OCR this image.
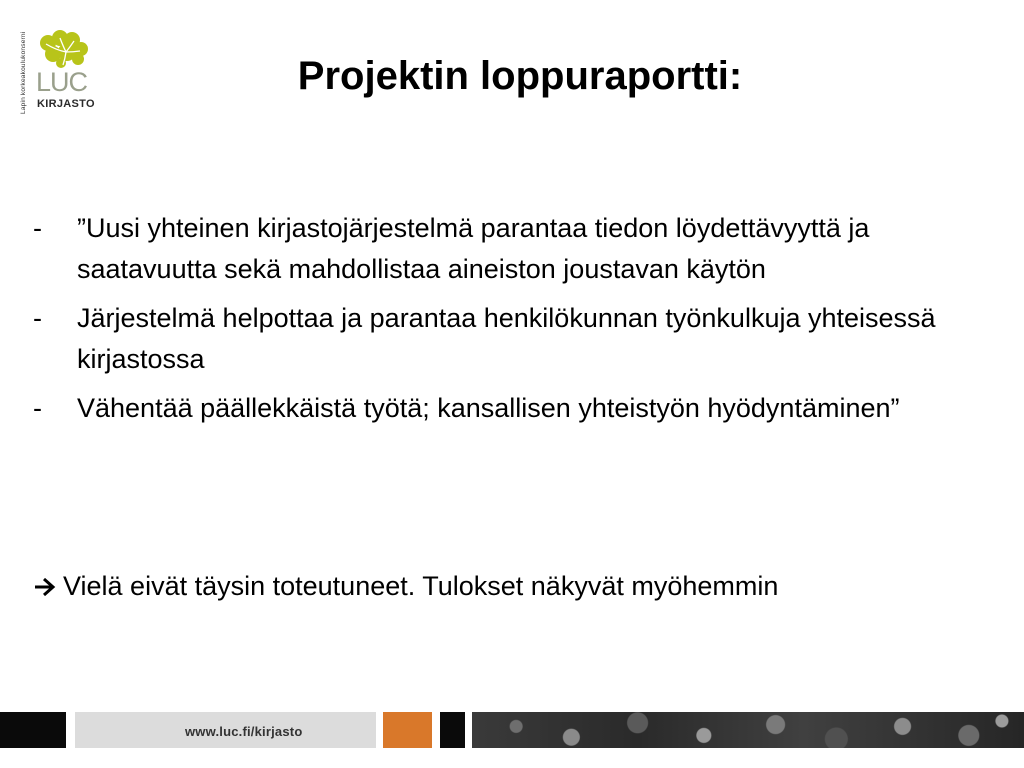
Lapin korkeakoulukonserni LUC
KIRJASTO
Projektin loppuraportti:
-	”Uusi yhteinen kirjastojärjestelmä parantaa tiedon löydettävyyttä ja saatavuutta sekä mahdollistaa aineiston joustavan käytön
-	Järjestelmä helpottaa ja parantaa henkilökunnan työnkulkuja yhteisessä kirjastossa
-	Vähentää päällekkäistä työtä; kansallisen yhteistyön hyödyntäminen”
Vielä eivät täysin toteutuneet. Tulokset näkyvät myöhemmin
www.luc.fi/kirjasto
